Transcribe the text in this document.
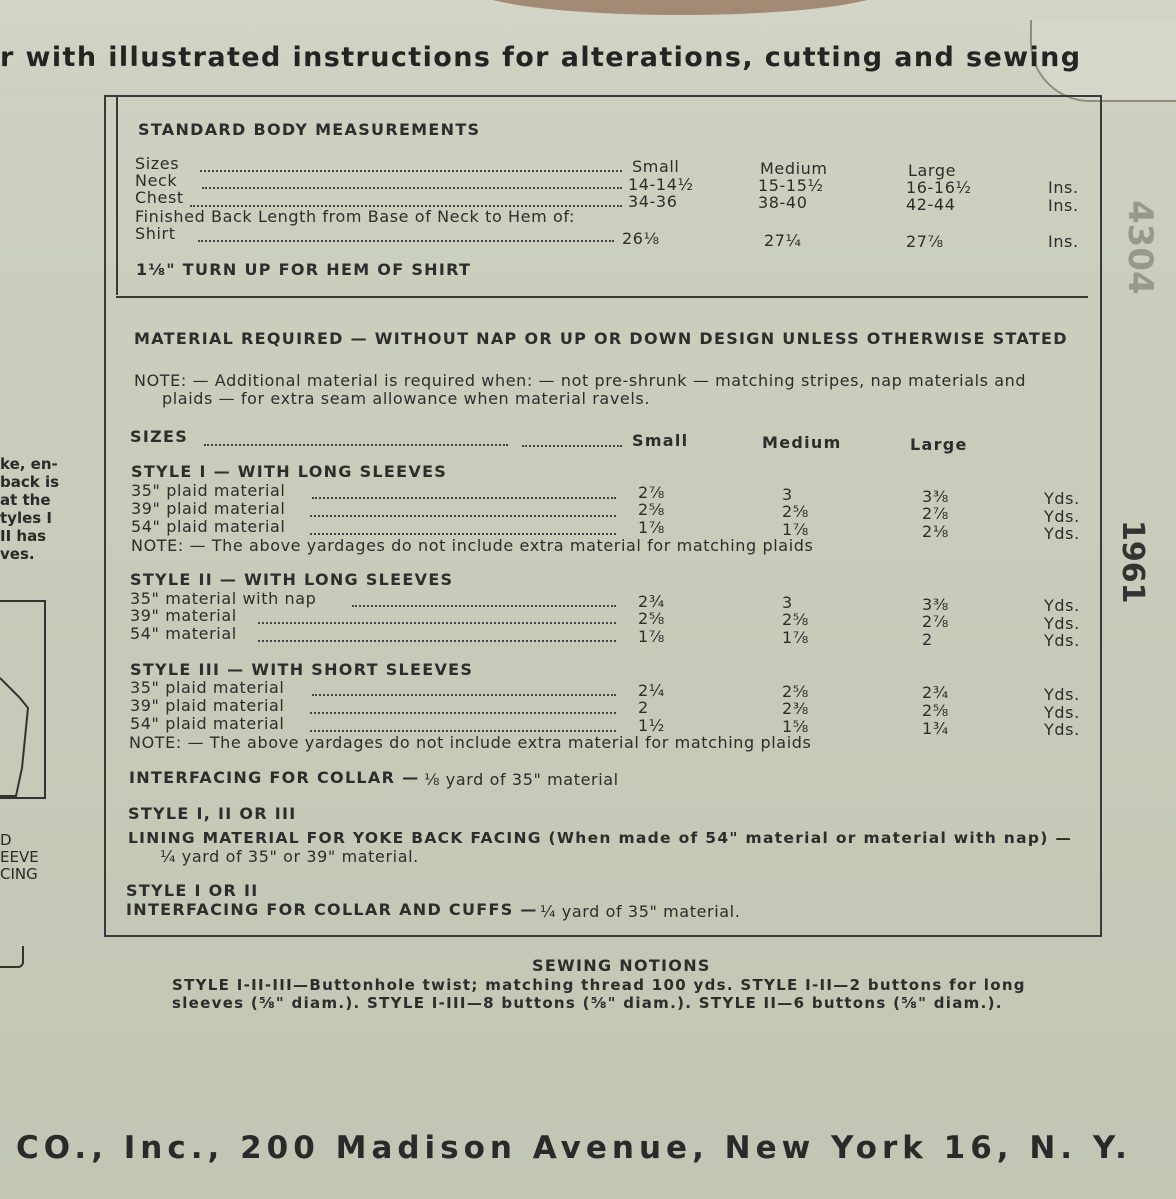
r with illustrated instructions for alterations, cutting and sewing
ke, en-
back is
at the
tyles I
II has
ves.
D
EEVE
CING
STANDARD BODY MEASUREMENTS
Sizes	Small	Medium	Large
Neck	14-14½	15-15½	16-16½	Ins.
Chest	34-36	38-40	42-44	Ins.
Finished Back Length from Base of Neck to Hem of:
Shirt	26⅛	27¼	27⅞	Ins.
1⅛" TURN UP FOR HEM OF SHIRT
MATERIAL REQUIRED — WITHOUT NAP OR UP OR DOWN DESIGN UNLESS OTHERWISE STATED
NOTE: — Additional material is required when: — not pre-shrunk — matching stripes, nap materials and
plaids — for extra seam allowance when material ravels.
SIZES	Small	Medium	Large
STYLE I — WITH LONG SLEEVES
35" plaid material	2⅞	3	3⅜	Yds.
39" plaid material	2⅝	2⅝	2⅞	Yds.
54" plaid material	1⅞	1⅞	2⅛	Yds.
NOTE: — The above yardages do not include extra material for matching plaids
STYLE II — WITH LONG SLEEVES
35" material with nap	2¾	3	3⅜	Yds.
39" material	2⅝	2⅝	2⅞	Yds.
54" material	1⅞	1⅞	2	Yds.
STYLE III — WITH SHORT SLEEVES
35" plaid material	2¼	2⅝	2¾	Yds.
39" plaid material	2	2⅜	2⅝	Yds.
54" plaid material	1½	1⅝	1¾	Yds.
NOTE: — The above yardages do not include extra material for matching plaids
INTERFACING FOR COLLAR — ⅛ yard of 35" material
STYLE I, II OR III
LINING MATERIAL FOR YOKE BACK FACING (When made of 54" material or material with nap) —
¼ yard of 35" or 39" material.
STYLE I OR II
INTERFACING FOR COLLAR AND CUFFS — ¼ yard of 35" material.
SEWING NOTIONS
STYLE I-II-III—Buttonhole twist; matching thread 100 yds. STYLE I-II—2 buttons for long
sleeves (⅝" diam.). STYLE I-III—8 buttons (⅝" diam.). STYLE II—6 buttons (⅝" diam.).
1961
4304
CO., Inc., 200 Madison Avenue, New York 16, N. Y.
